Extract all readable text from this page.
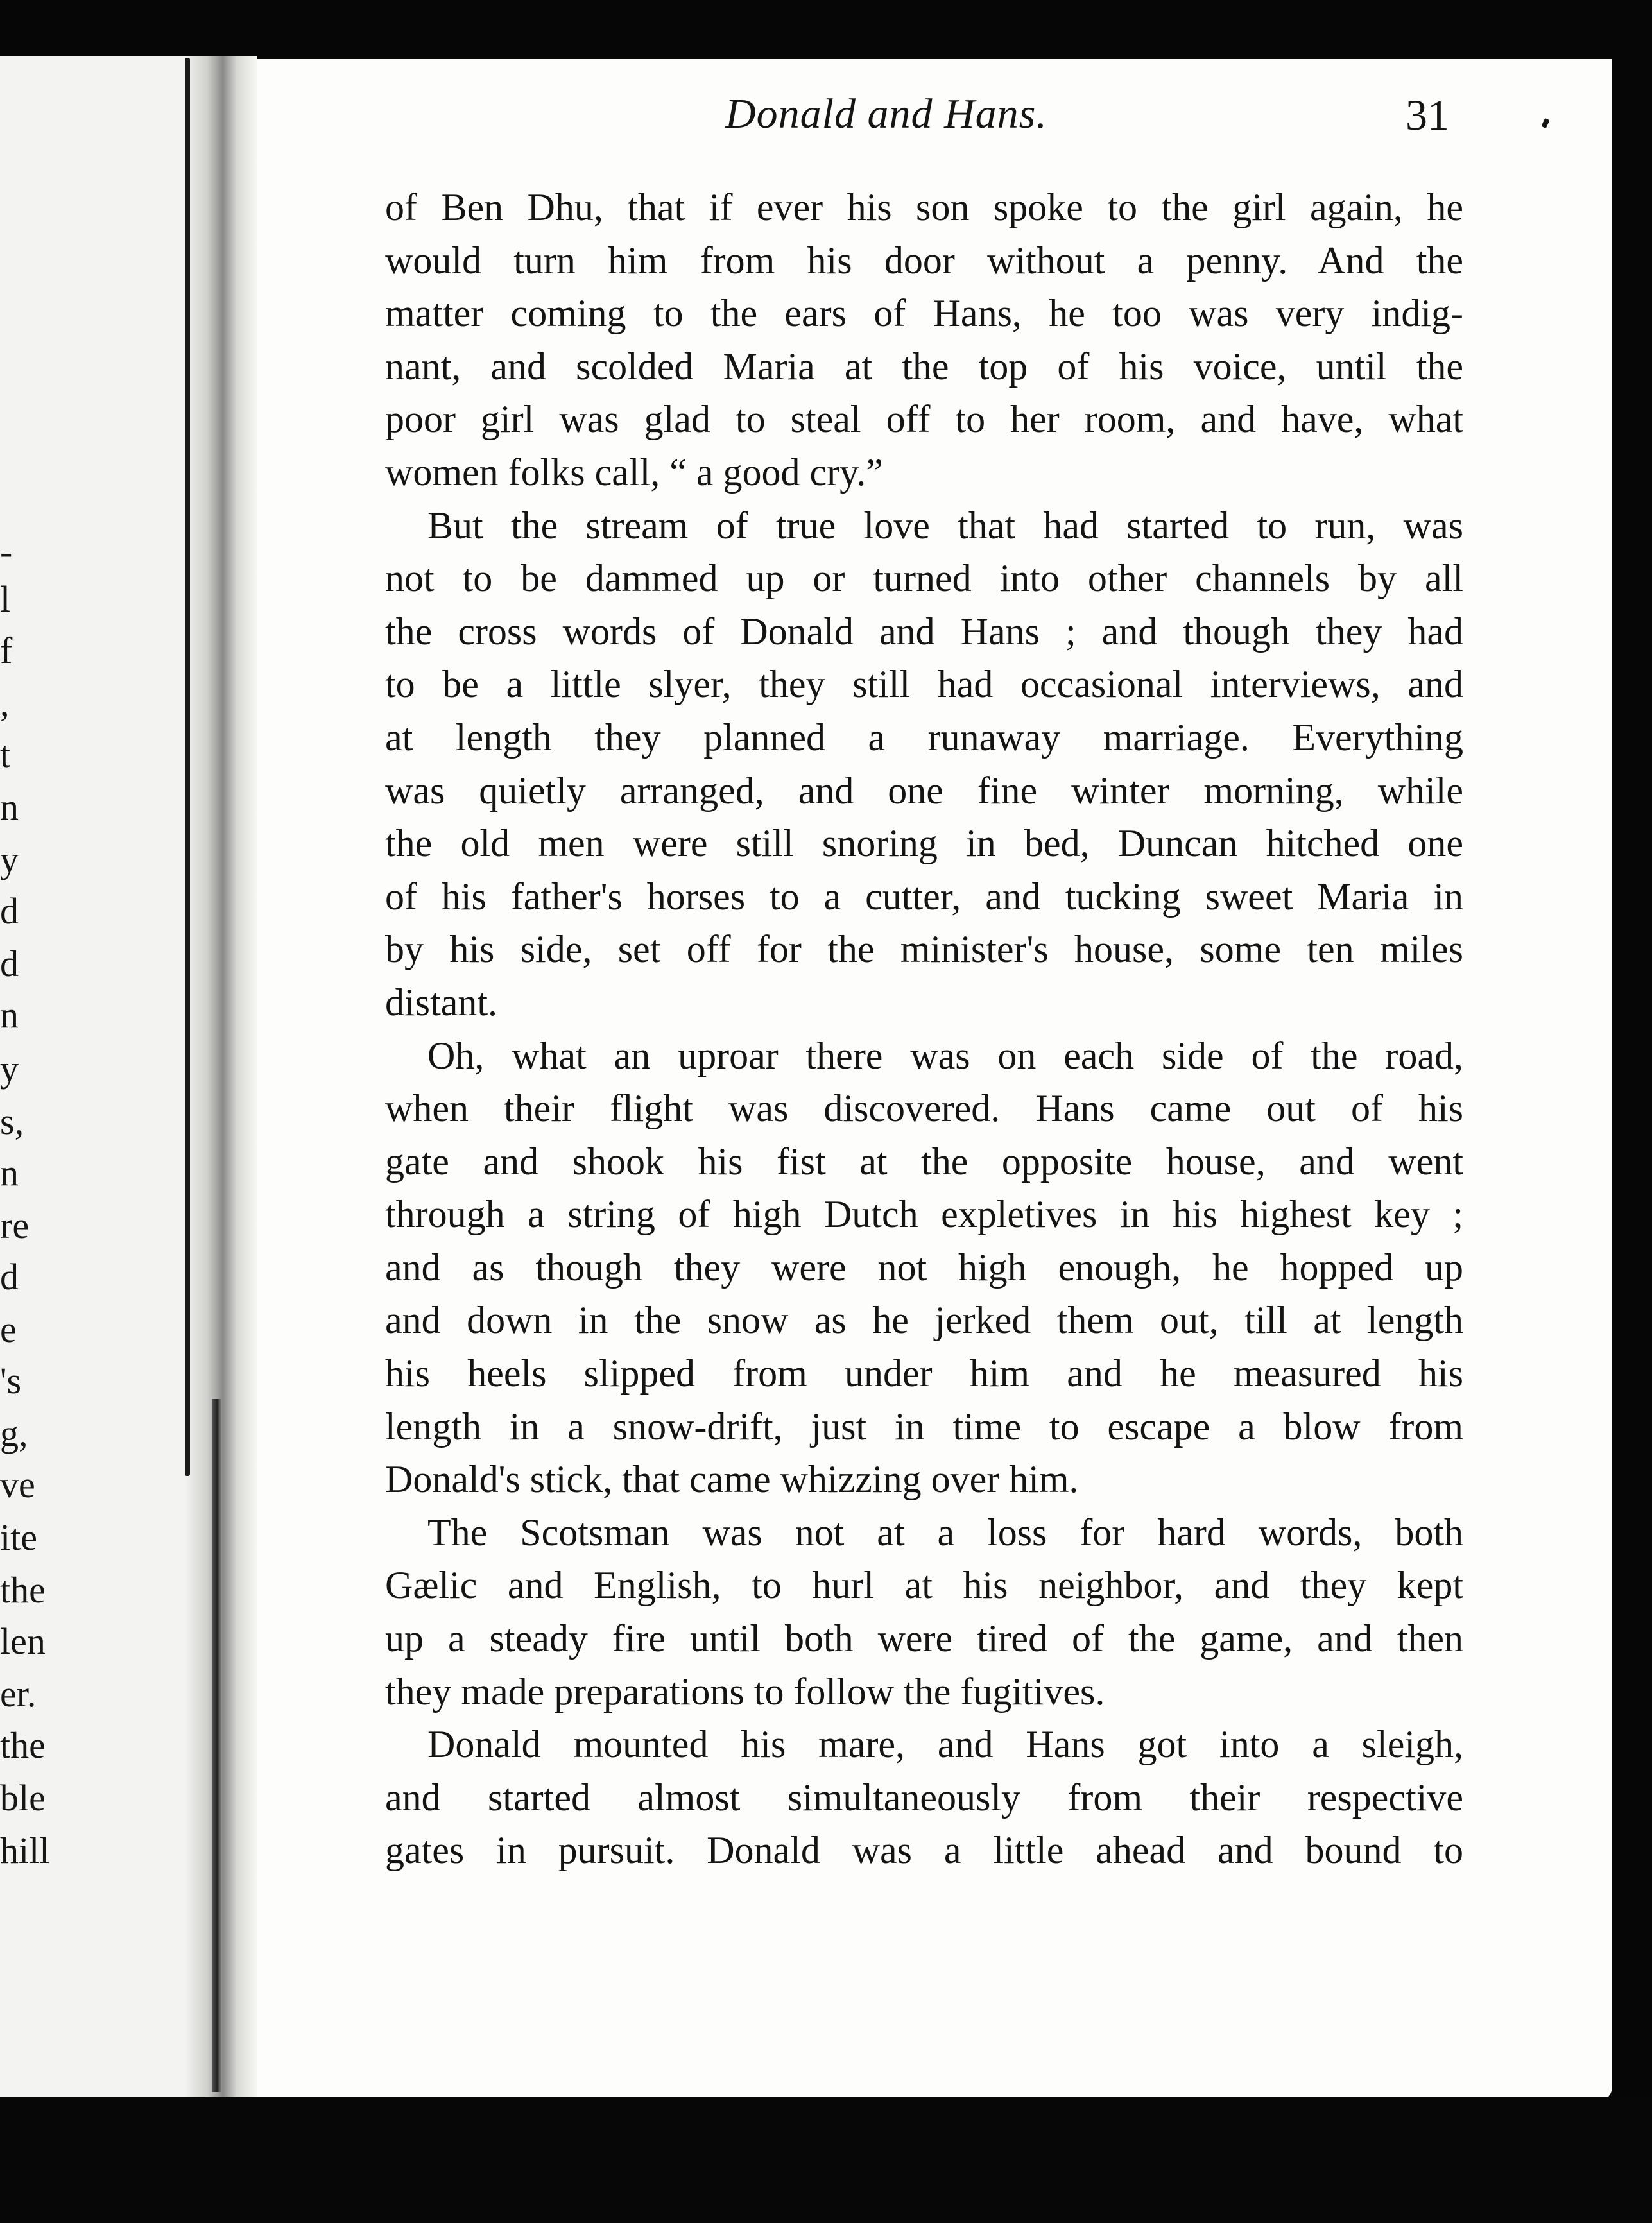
-
l
f
,
t
n
y
d
d
n
y
s,
n
re
d
e
's
g,
ve
ite
the
len
er.
the
ble
hill
Donald and Hans.	31
of Ben Dhu, that if ever his son spoke to the girl again, he
would turn him from his door without a penny. And the
matter coming to the ears of Hans, he too was very indig-
nant, and scolded Maria at the top of his voice, until the
poor girl was glad to steal off to her room, and have, what
women folks call, “ a good cry.”
But the stream of true love that had started to run, was
not to be dammed up or turned into other channels by all
the cross words of Donald and Hans ; and though they had
to be a little slyer, they still had occasional interviews, and
at length they planned a runaway marriage. Everything
was quietly arranged, and one fine winter morning, while
the old men were still snoring in bed, Duncan hitched one
of his father's horses to a cutter, and tucking sweet Maria in
by his side, set off for the minister's house, some ten miles
distant.
Oh, what an uproar there was on each side of the road,
when their flight was discovered. Hans came out of his
gate and shook his fist at the opposite house, and went
through a string of high Dutch expletives in his highest key ;
and as though they were not high enough, he hopped up
and down in the snow as he jerked them out, till at length
his heels slipped from under him and he measured his
length in a snow-drift, just in time to escape a blow from
Donald's stick, that came whizzing over him.
The Scotsman was not at a loss for hard words, both
Gælic and English, to hurl at his neighbor, and they kept
up a steady fire until both were tired of the game, and then
they made preparations to follow the fugitives.
Donald mounted his mare, and Hans got into a sleigh,
and started almost simultaneously from their respective
gates in pursuit. Donald was a little ahead and bound to
